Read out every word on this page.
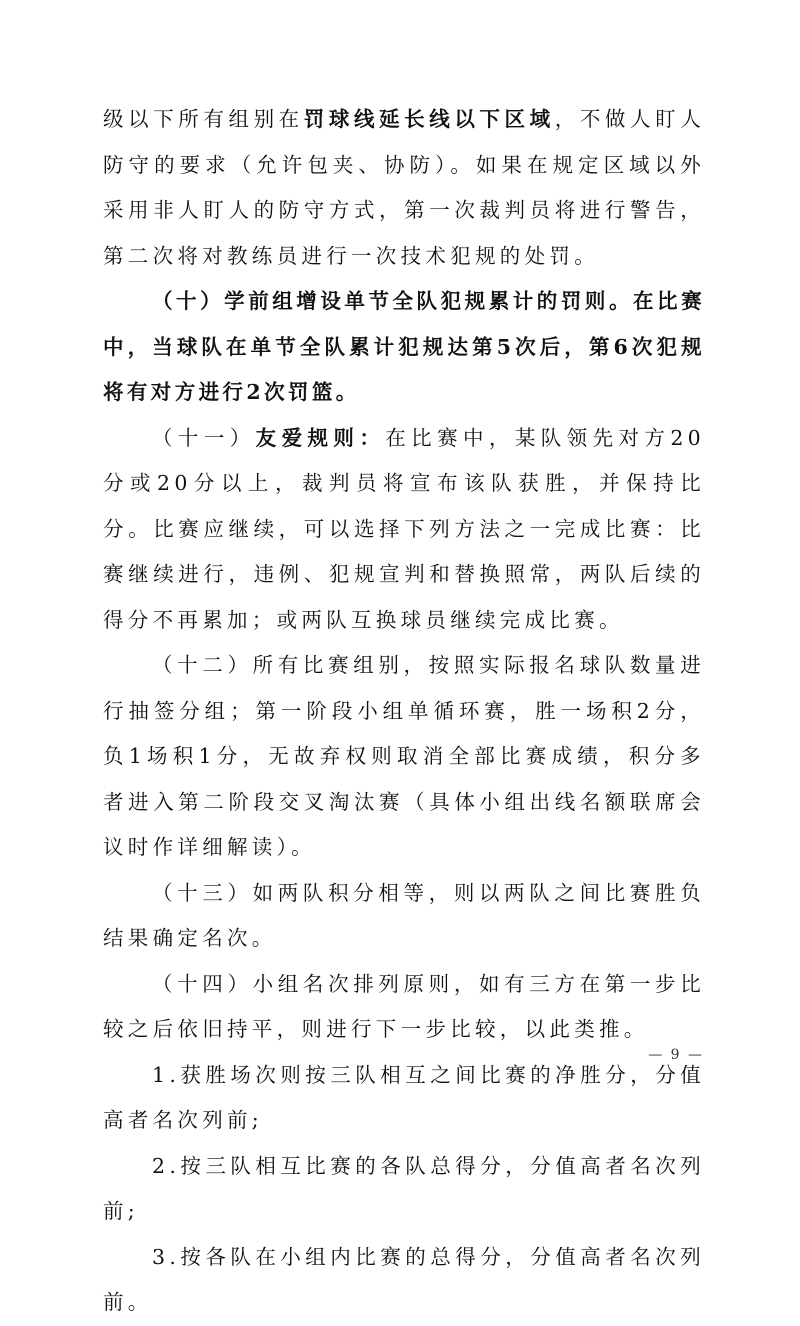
级以下所有组别在罚球线延长线以下区域，不做人盯人防守的要求（允许包夹、协防）。如果在规定区域以外采用非人盯人的防守方式，第一次裁判员将进行警告，第二次将对教练员进行一次技术犯规的处罚。

（十）学前组增设单节全队犯规累计的罚则。在比赛中，当球队在单节全队累计犯规达第5次后，第6次犯规将有对方进行2次罚篮。

（十一）友爱规则：在比赛中，某队领先对方20分或20分以上，裁判员将宣布该队获胜，并保持比分。比赛应继续，可以选择下列方法之一完成比赛：比赛继续进行，违例、犯规宣判和替换照常，两队后续的得分不再累加；或两队互换球员继续完成比赛。

（十二）所有比赛组别，按照实际报名球队数量进行抽签分组；第一阶段小组单循环赛，胜一场积2分，负1场积1分，无故弃权则取消全部比赛成绩，积分多者进入第二阶段交叉淘汰赛（具体小组出线名额联席会议时作详细解读）。

（十三）如两队积分相等，则以两队之间比赛胜负结果确定名次。

（十四）小组名次排列原则，如有三方在第一步比较之后依旧持平，则进行下一步比较，以此类推。

1.获胜场次则按三队相互之间比赛的净胜分，分值高者名次列前;

2.按三队相互比赛的各队总得分，分值高者名次列前;

3.按各队在小组内比赛的总得分，分值高者名次列前。

— 9 —
